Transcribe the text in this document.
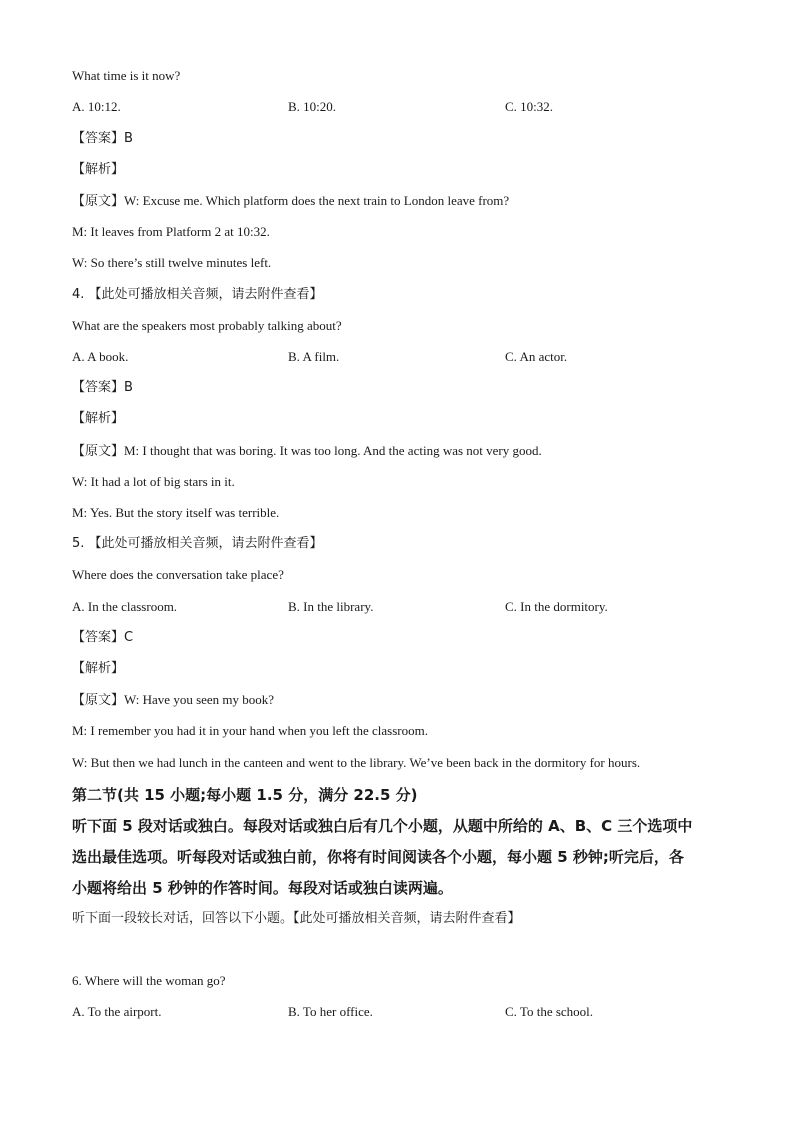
What time is it now?
A. 10:12.	B. 10:20.	C. 10:32.
【答案】B
【解析】
【原文】W: Excuse me. Which platform does the next train to London leave from?
M: It leaves from Platform 2 at 10:32.
W: So there’s still twelve minutes left.
4. 【此处可播放相关音频，请去附件查看】
What are the speakers most probably talking about?
A. A book.	B. A film.	C. An actor.
【答案】B
【解析】
【原文】M: I thought that was boring. It was too long. And the acting was not very good.
W: It had a lot of big stars in it.
M: Yes. But the story itself was terrible.
5. 【此处可播放相关音频，请去附件查看】
Where does the conversation take place?
A. In the classroom.	B. In the library.	C. In the dormitory.
【答案】C
【解析】
【原文】W: Have you seen my book?
M: I remember you had it in your hand when you left the classroom.
W: But then we had lunch in the canteen and went to the library. We’ve been back in the dormitory for hours.
第二节(共 15 小题;每小题 1.5 分，满分 22.5 分)
听下面 5 段对话或独白。每段对话或独白后有几个小题，从题中所给的 A、B、C 三个选项中
选出最佳选项。听每段对话或独白前，你将有时间阅读各个小题，每小题 5 秒钟;听完后，各
小题将给出 5 秒钟的作答时间。每段对话或独白读两遍。
听下面一段较长对话，回答以下小题。【此处可播放相关音频，请去附件查看】
6. Where will the woman go?
A. To the airport.	B. To her office.	C. To the school.
